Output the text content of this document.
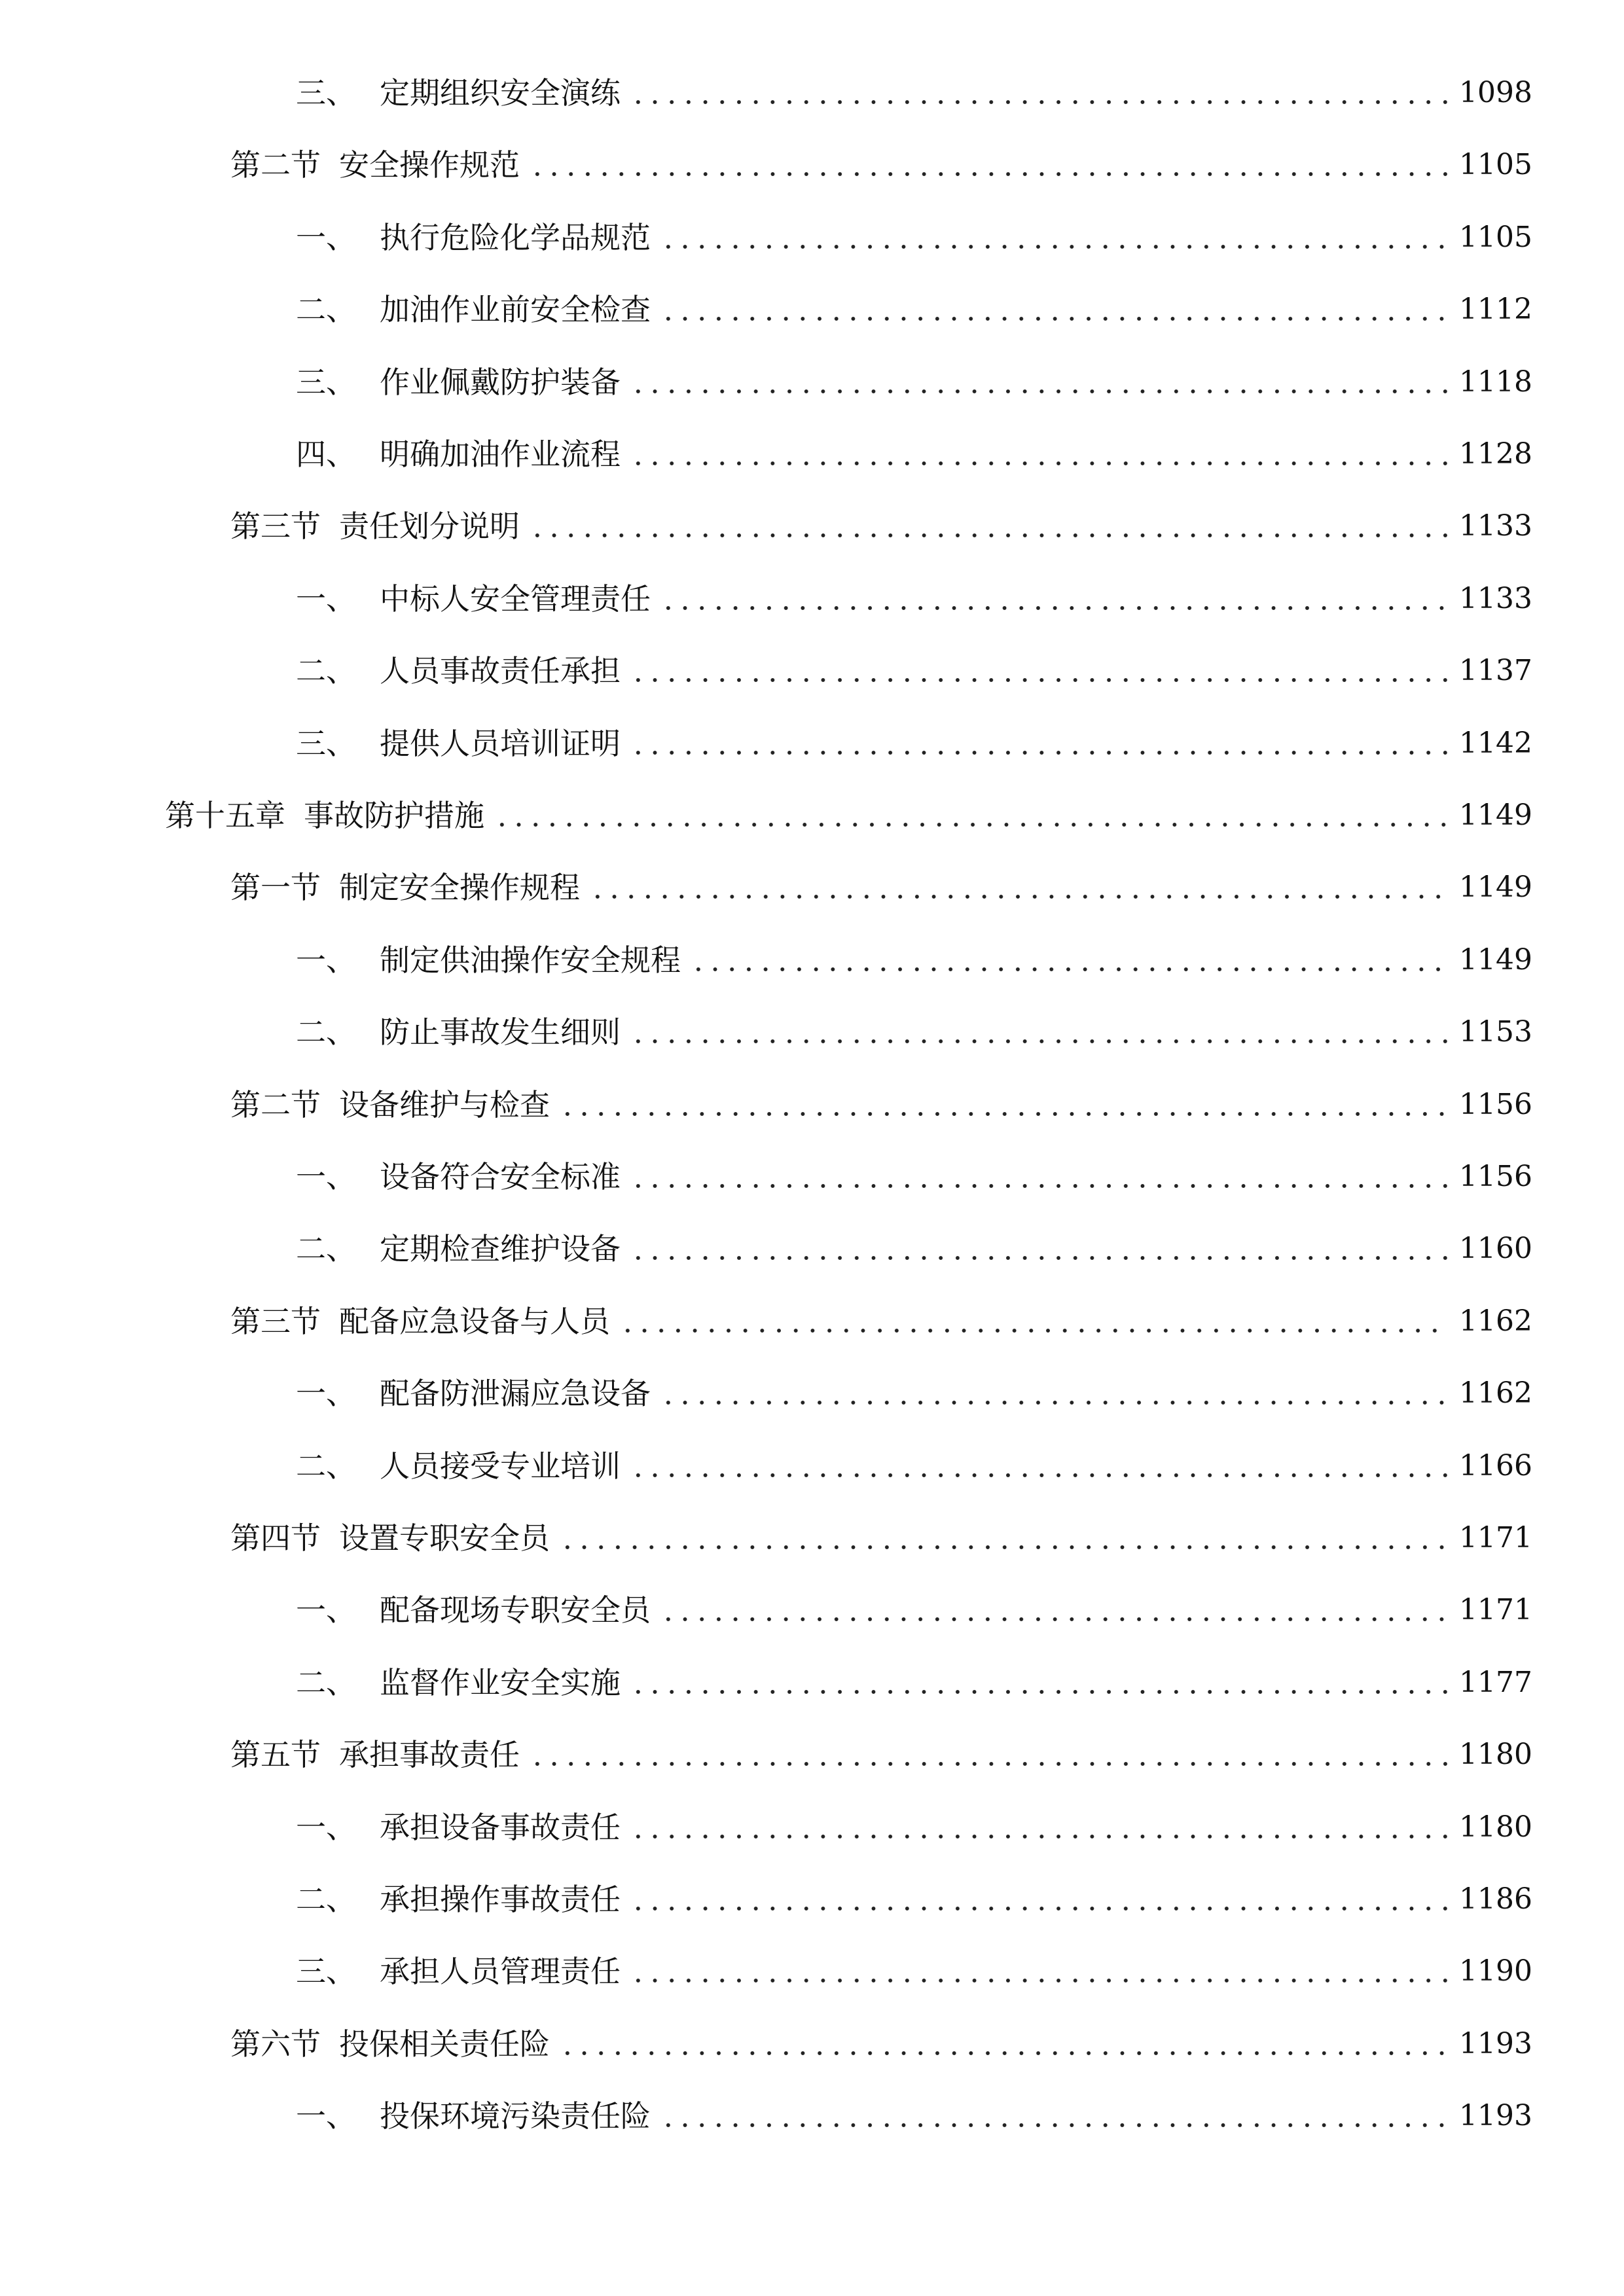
三、 定期组织安全演练	1098
第二节 安全操作规范	1105
一、 执行危险化学品规范	1105
二、 加油作业前安全检查	1112
三、 作业佩戴防护装备	1118
四、 明确加油作业流程	1128
第三节 责任划分说明	1133
一、 中标人安全管理责任	1133
二、 人员事故责任承担	1137
三、 提供人员培训证明	1142
第十五章 事故防护措施	1149
第一节 制定安全操作规程	1149
一、 制定供油操作安全规程	1149
二、 防止事故发生细则	1153
第二节 设备维护与检查	1156
一、 设备符合安全标准	1156
二、 定期检查维护设备	1160
第三节 配备应急设备与人员	1162
一、 配备防泄漏应急设备	1162
二、 人员接受专业培训	1166
第四节 设置专职安全员	1171
一、 配备现场专职安全员	1171
二、 监督作业安全实施	1177
第五节 承担事故责任	1180
一、 承担设备事故责任	1180
二、 承担操作事故责任	1186
三、 承担人员管理责任	1190
第六节 投保相关责任险	1193
一、 投保环境污染责任险	1193
